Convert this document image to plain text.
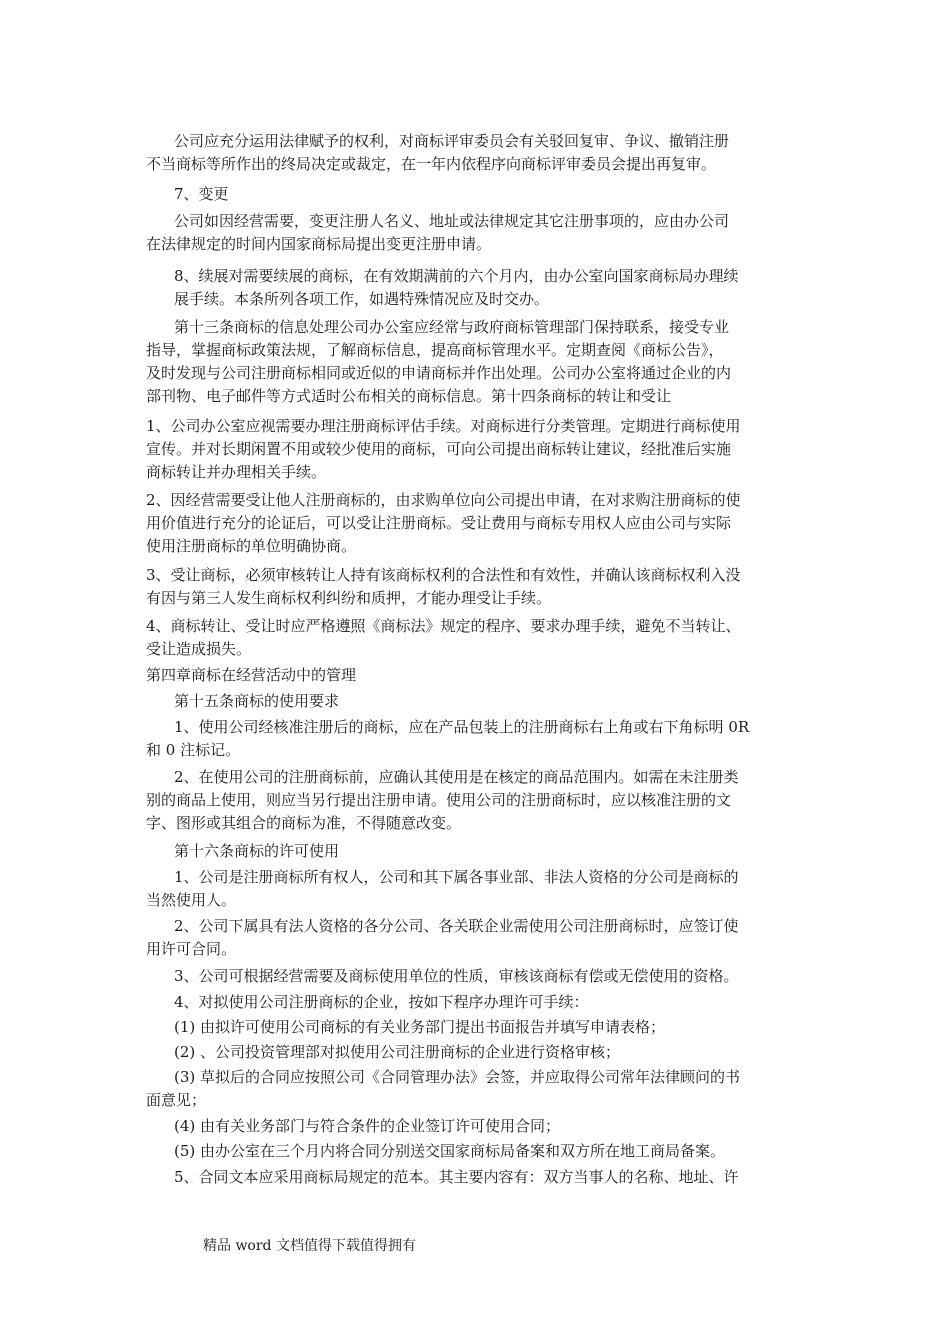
公司应充分运用法律赋予的权利，对商标评审委员会有关驳回复审、争议、撤销注册
不当商标等所作出的终局决定或裁定，在一年内依程序向商标评审委员会提出再复审。
7、变更
公司如因经营需要，变更注册人名义、地址或法律规定其它注册事项的，应由办公司
在法律规定的时间内国家商标局提出变更注册申请。
8、续展对需要续展的商标，在有效期满前的六个月内，由办公室向国家商标局办理续
展手续。本条所列各项工作，如遇特殊情况应及时交办。
第十三条商标的信息处理公司办公室应经常与政府商标管理部门保持联系，接受专业
指导，掌握商标政策法规，了解商标信息，提高商标管理水平。定期查阅《商标公告》，
及时发现与公司注册商标相同或近似的申请商标并作出处理。公司办公室将通过企业的内
部刊物、电子邮件等方式适时公布相关的商标信息。第十四条商标的转让和受让
1、公司办公室应视需要办理注册商标评估手续。对商标进行分类管理。定期进行商标使用
宣传。并对长期闲置不用或较少使用的商标，可向公司提出商标转让建议，经批准后实施
商标转让并办理相关手续。
2、因经营需要受让他人注册商标的，由求购单位向公司提出申请，在对求购注册商标的使
用价值进行充分的论证后，可以受让注册商标。受让费用与商标专用权人应由公司与实际
使用注册商标的单位明确协商。
3、受让商标，必须审核转让人持有该商标权利的合法性和有效性，并确认该商标权利入没
有因与第三人发生商标权利纠纷和质押，才能办理受让手续。
4、商标转让、受让时应严格遵照《商标法》规定的程序、要求办理手续，避免不当转让、
受让造成损失。
第四章商标在经营活动中的管理
第十五条商标的使用要求
1、使用公司经核准注册后的商标，应在产品包装上的注册商标右上角或右下角标明 0R
和 0 注标记。
2、在使用公司的注册商标前，应确认其使用是在核定的商品范围内。如需在未注册类
别的商品上使用，则应当另行提出注册申请。使用公司的注册商标时，应以核准注册的文
字、图形或其组合的商标为准，不得随意改变。
第十六条商标的许可使用
1、公司是注册商标所有权人，公司和其下属各事业部、非法人资格的分公司是商标的
当然使用人。
2、公司下属具有法人资格的各分公司、各关联企业需使用公司注册商标时，应签订使
用许可合同。
3、公司可根据经营需要及商标使用单位的性质，审核该商标有偿或无偿使用的资格。
4、对拟使用公司注册商标的企业，按如下程序办理许可手续：
(1) 由拟许可使用公司商标的有关业务部门提出书面报告并填写申请表格；
(2) 、公司投资管理部对拟使用公司注册商标的企业进行资格审核；
(3) 草拟后的合同应按照公司《合同管理办法》会签，并应取得公司常年法律顾问的书
面意见；
(4) 由有关业务部门与符合条件的企业签订许可使用合同；
(5) 由办公室在三个月内将合同分别送交国家商标局备案和双方所在地工商局备案。
5、合同文本应采用商标局规定的范本。其主要内容有：双方当事人的名称、地址、许
精品 word 文档值得下载值得拥有
